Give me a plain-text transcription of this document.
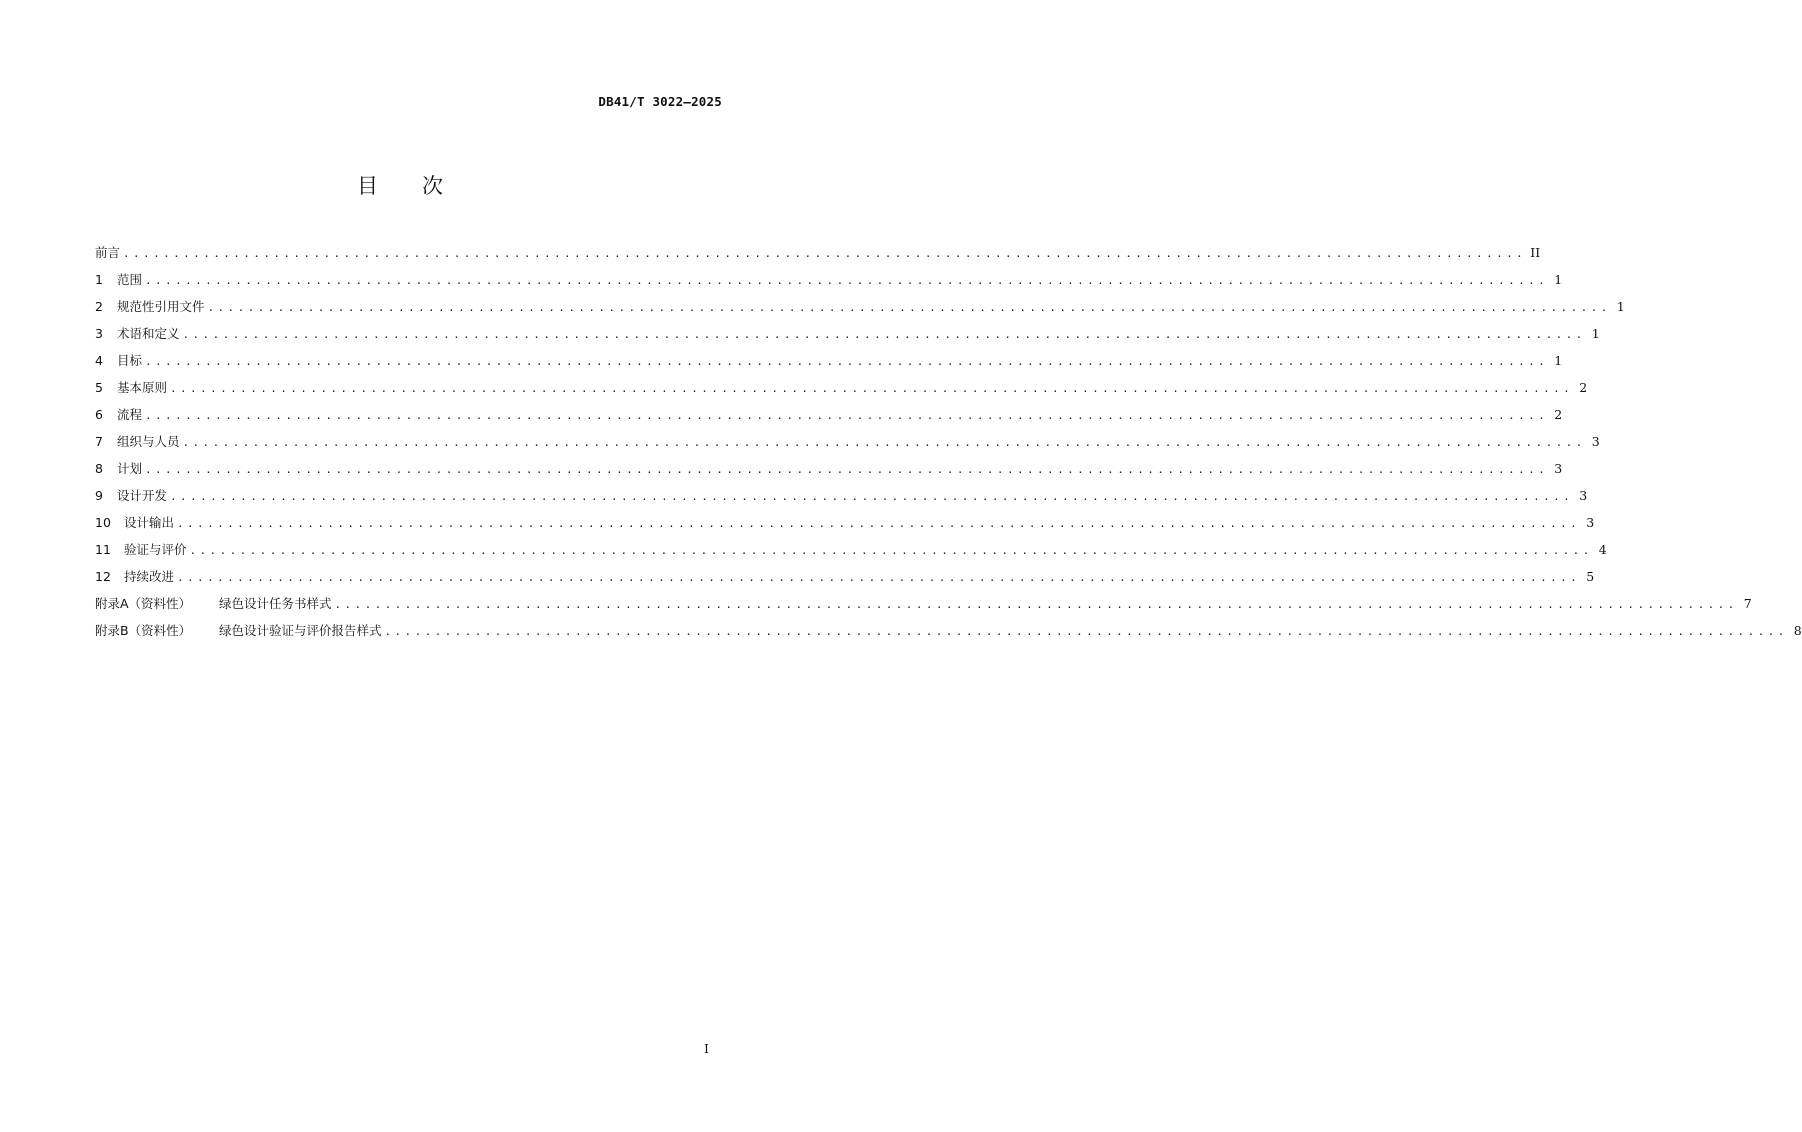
DB41/T 3022—2025
目次
前言 ............................................................................................................................................ II
1 范围 ............................................................................................................................................ 1
2 规范性引用文件 ............................................................................................................................................ 1
3 术语和定义 ............................................................................................................................................ 1
4 目标 ............................................................................................................................................ 1
5 基本原则 ............................................................................................................................................ 2
6 流程 ............................................................................................................................................ 2
7 组织与人员 ............................................................................................................................................ 3
8 计划 ............................................................................................................................................ 3
9 设计开发 ............................................................................................................................................ 3
10 设计输出 ............................................................................................................................................ 3
11 验证与评价 ............................................................................................................................................ 4
12 持续改进 ............................................................................................................................................ 5
附录A（资料性） 绿色设计任务书样式 ............................................................................................................................................ 7
附录B（资料性） 绿色设计验证与评价报告样式 ............................................................................................................................................ 8
I
